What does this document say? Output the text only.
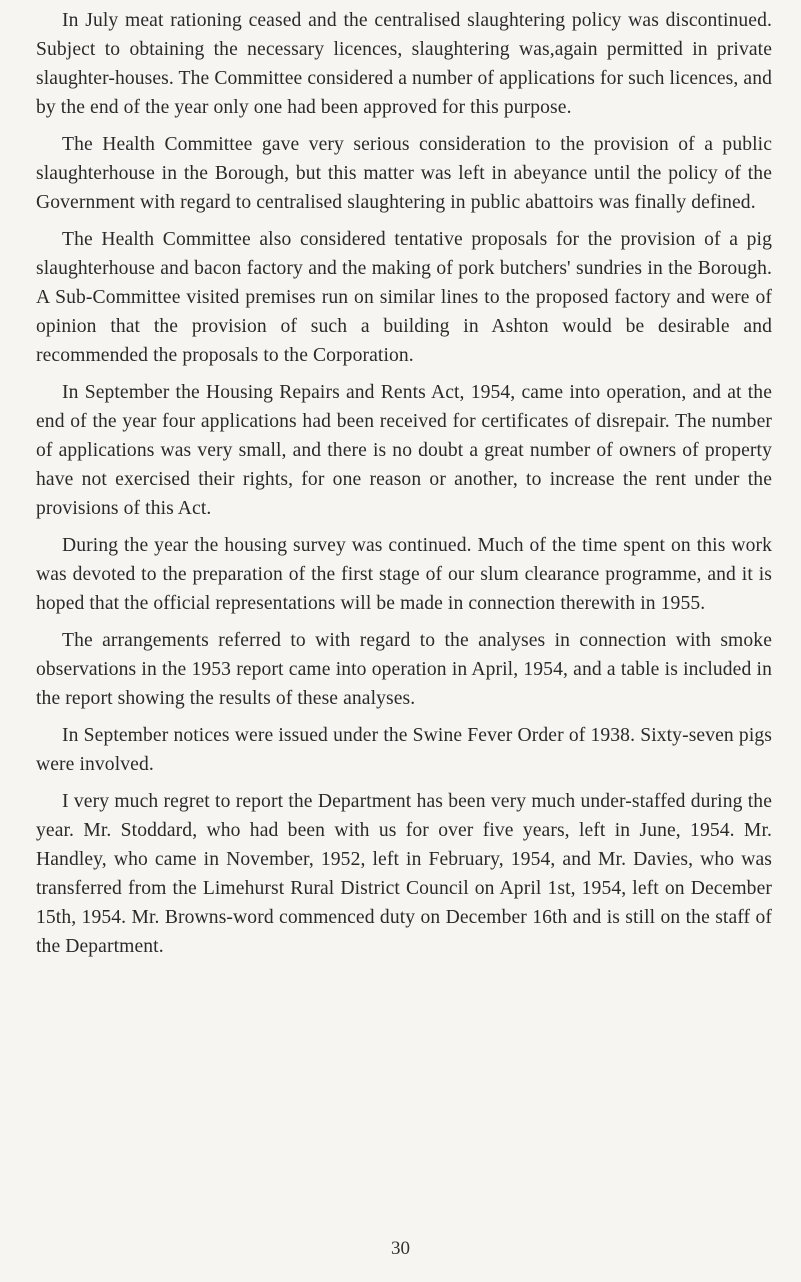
In July meat rationing ceased and the centralised slaughtering policy was discontinued. Subject to obtaining the necessary licences, slaughtering was,again permitted in private slaughter-houses. The Committee considered a number of applications for such licences, and by the end of the year only one had been approved for this purpose.

The Health Committee gave very serious consideration to the provision of a public slaughterhouse in the Borough, but this matter was left in abeyance until the policy of the Government with regard to centralised slaughtering in public abattoirs was finally defined.

The Health Committee also considered tentative proposals for the provision of a pig slaughterhouse and bacon factory and the making of pork butchers' sundries in the Borough. A Sub-Committee visited premises run on similar lines to the proposed factory and were of opinion that the provision of such a building in Ashton would be desirable and recommended the proposals to the Corporation.

In September the Housing Repairs and Rents Act, 1954, came into operation, and at the end of the year four applications had been received for certificates of disrepair. The number of applications was very small, and there is no doubt a great number of owners of property have not exercised their rights, for one reason or another, to increase the rent under the provisions of this Act.

During the year the housing survey was continued. Much of the time spent on this work was devoted to the preparation of the first stage of our slum clearance programme, and it is hoped that the official representations will be made in connection therewith in 1955.

The arrangements referred to with regard to the analyses in connection with smoke observations in the 1953 report came into operation in April, 1954, and a table is included in the report showing the results of these analyses.

In September notices were issued under the Swine Fever Order of 1938. Sixty-seven pigs were involved.

I very much regret to report the Department has been very much under-staffed during the year. Mr. Stoddard, who had been with us for over five years, left in June, 1954. Mr. Handley, who came in November, 1952, left in February, 1954, and Mr. Davies, who was transferred from the Limehurst Rural District Council on April 1st, 1954, left on December 15th, 1954. Mr. Browns-word commenced duty on December 16th and is still on the staff of the Department.

30
